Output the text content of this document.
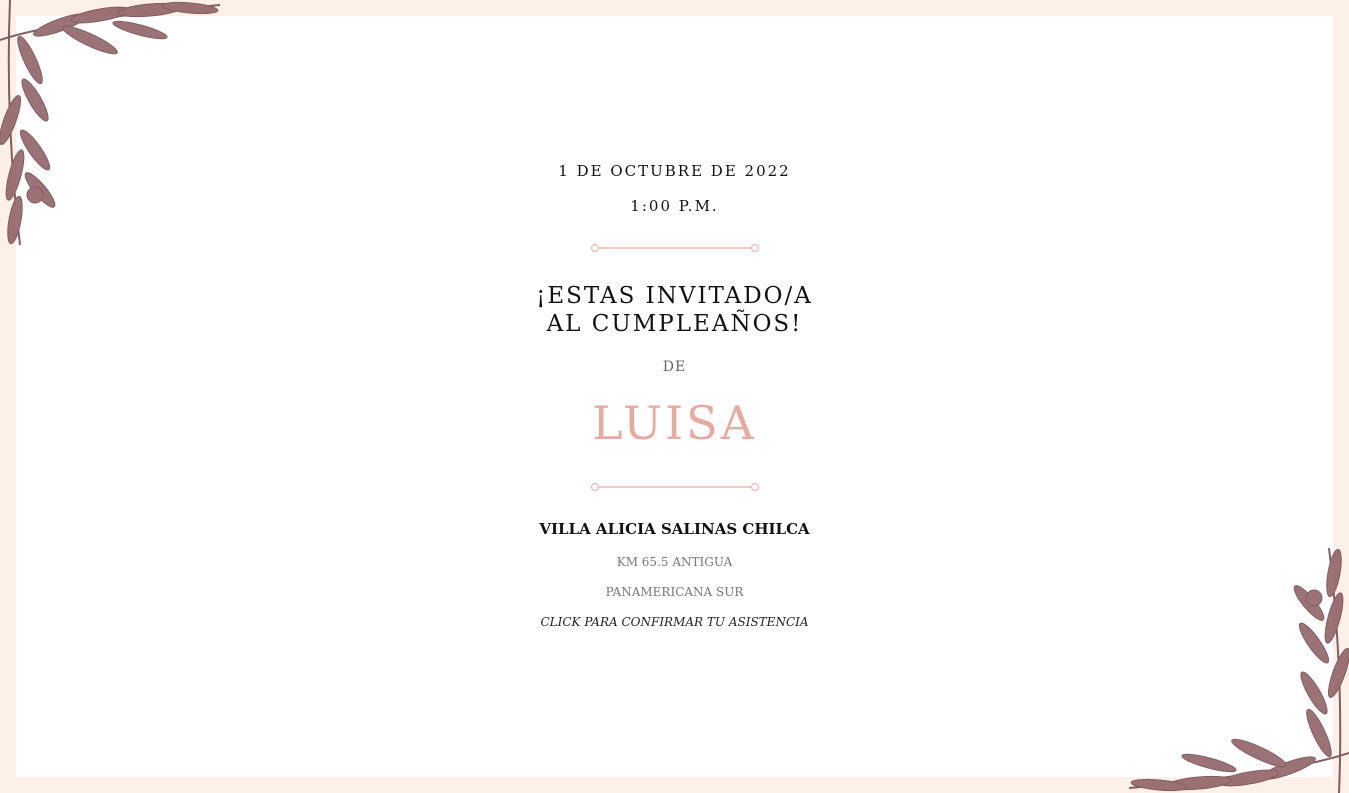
1 DE OCTUBRE DE 2022
1:00 P.M.
¡ESTAS INVITADO/A
AL CUMPLEAÑOS!
DE
LUISA
VILLA ALICIA SALINAS CHILCA
KM 65.5 ANTIGUA
PANAMERICANA SUR
CLICK PARA CONFIRMAR TU ASISTENCIA
